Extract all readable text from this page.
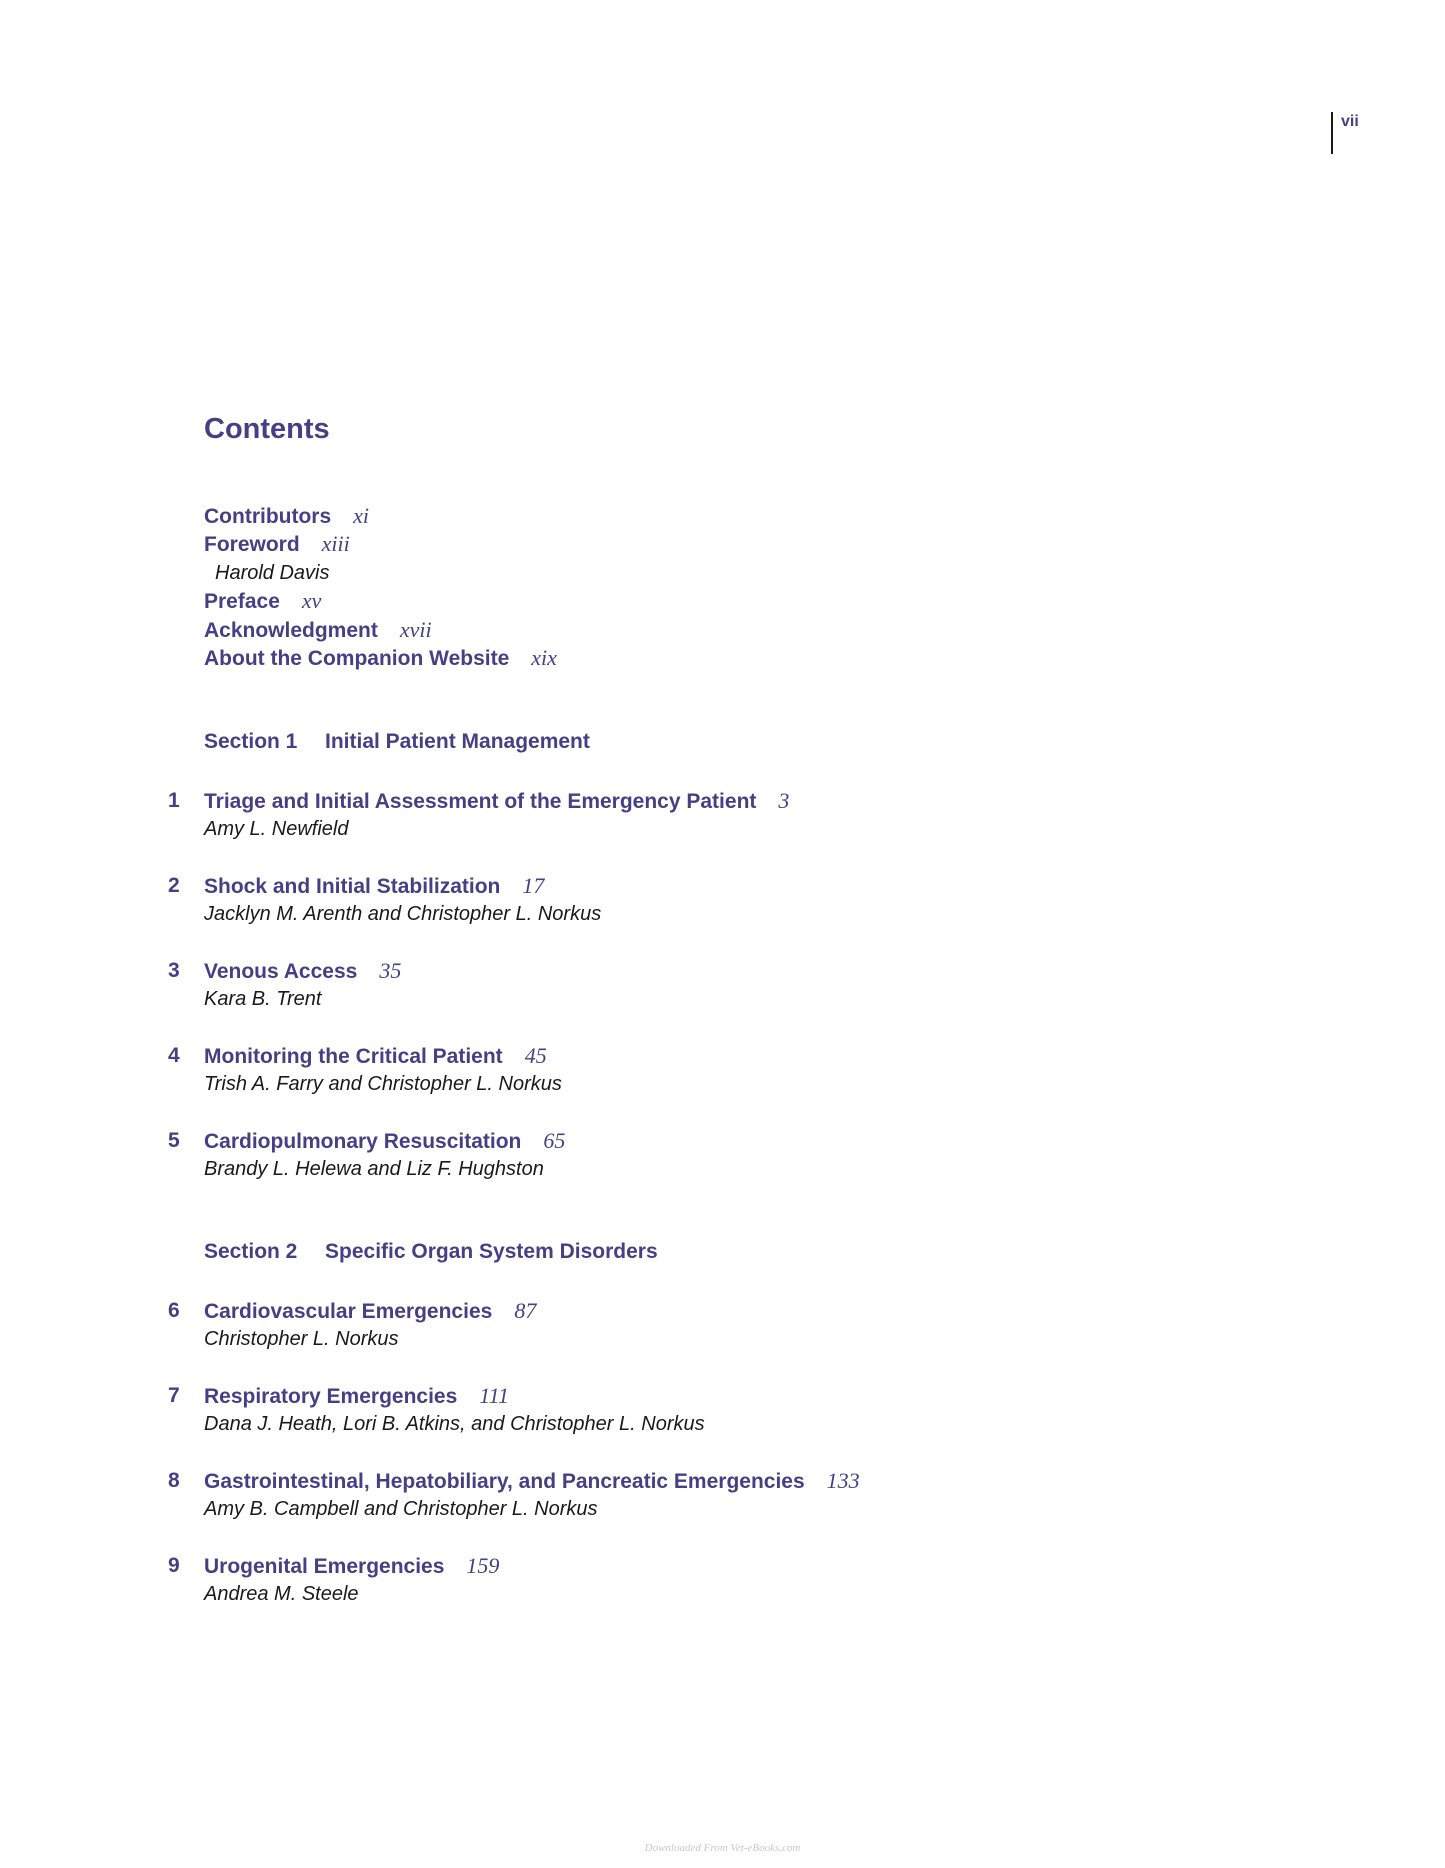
vii
Contents
Contributors xi
Foreword xiii
Harold Davis
Preface xv
Acknowledgment xvii
About the Companion Website xix
Section 1 Initial Patient Management
1 Triage and Initial Assessment of the Emergency Patient 3
Amy L. Newfield
2 Shock and Initial Stabilization 17
Jacklyn M. Arenth and Christopher L. Norkus
3 Venous Access 35
Kara B. Trent
4 Monitoring the Critical Patient 45
Trish A. Farry and Christopher L. Norkus
5 Cardiopulmonary Resuscitation 65
Brandy L. Helewa and Liz F. Hughston
Section 2 Specific Organ System Disorders
6 Cardiovascular Emergencies 87
Christopher L. Norkus
7 Respiratory Emergencies 111
Dana J. Heath, Lori B. Atkins, and Christopher L. Norkus
8 Gastrointestinal, Hepatobiliary, and Pancreatic Emergencies 133
Amy B. Campbell and Christopher L. Norkus
9 Urogenital Emergencies 159
Andrea M. Steele
Downloaded From Vet-eBooks.com
